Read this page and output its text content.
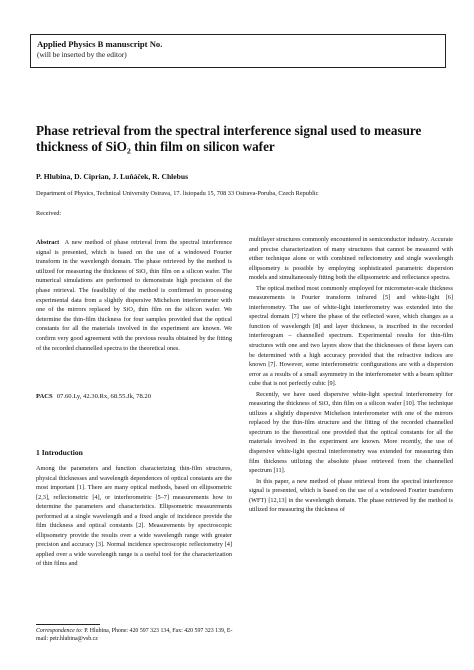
Applied Physics B manuscript No.
(will be inserted by the editor)
Phase retrieval from the spectral interference signal used to measure thickness of SiO₂ thin film on silicon wafer
P. Hlubina, D. Ciprian, J. Luňáček, R. Chlebus
Department of Physics, Technical University Ostrava, 17. listopadu 15, 708 33 Ostrava-Poruba, Czech Republic
Received:

Abstract A new method of phase retrieval from the spectral interference signal is presented, which is based on the use of a windowed Fourier transform in the wavelength domain. The phase retrieved by the method is utilized for measuring the thickness of SiO₂ thin film on a silicon wafer. The numerical simulations are performed to demonstrate high precision of the phase retrieval. The feasibility of the method is confirmed in processing experimental data from a slightly dispersive Michelson interferometer with one of the mirrors replaced by SiO₂ thin film on the silicon wafer. We determine the thin-film thickness for four samples provided that the optical constants for all the materials involved in the experiment are known. We confirm very good agreement with the previous results obtained by the fitting of the recorded channelled spectra to the theoretical ones.

PACS 07.60.Ly, 42.30.Rx, 68.55.Jk, 78.20
1 Introduction

Among the parameters and function characterizing thin-film structures, physical thicknesses and wavelength dependences of optical constants are the most important [1]. There are many optical methods, based on ellipsometric [2,3], reflectometric [4], or interferometric [5–7] measurements how to determine the parameters and characteristics. Ellipsometric measurements performed at a single wavelength and a fixed angle of incidence provide the film thickness and optical constants [2]. Measurements by spectroscopic ellipsometry provide the results over a wide wavelength range with greater precision and accuracy [3]. Normal incidence spectroscopic reflectometry [4] applied over a wide wavelength range is a useful tool for the characterization of thin films and

Correspondence to: P. Hlubina, Phone: 420 597 323 134, Fax: 420 597 323 139, E-mail: petr.hlubina@vsb.cz

multilayer structures commonly encountered in semiconductor industry. Accurate and precise characterization of many structures that cannot be measured with either technique alone or with combined reflectometry and single wavelength ellipsometry is possible by employing sophisticated parametric dispersion models and simultaneously fitting both the ellipsometric and reflectance spectra.

The optical method most commonly employed for micrometer-scale thickness measurements is Fourier transform infrared [5] and white-light [6] interferometry. The use of white-light interferometry was extended into the spectral domain [7] where the phase of the reflected wave, which changes as a function of wavelength [8] and layer thickness, is inscribed in the recorded interferogram – channelled spectrum. Experimental results for thin-film structures with one and two layers show that the thicknesses of these layers can be determined with a high accuracy provided that the refractive indices are known [7]. However, some interferometric configurations are with a dispersion error as a results of a small asymmetry in the interferometer with a beam splitter cube that is not perfectly cubic [9].

Recently, we have used dispersive white-light spectral interferometry for measuring the thickness of SiO₂ thin film on a silicon wafer [10]. The technique utilizes a slightly dispersive Michelson interferometer with one of the mirrors replaced by the thin-film structure and the fitting of the recorded channelled spectrum to the theoretical one provided that the optical constants for all the materials involved in the experiment are known. More recently, the use of dispersive white-light spectral interferometry was extended for measuring thin film thickness utilizing the absolute phase retrieved from the channelled spectrum [11].

In this paper, a new method of phase retrieval from the spectral interference signal is presented, which is based on the use of a windowed Fourier transform (WFT) [12,13] in the wavelength domain. The phase retrieved by the method is utilized for measuring the thickness of
